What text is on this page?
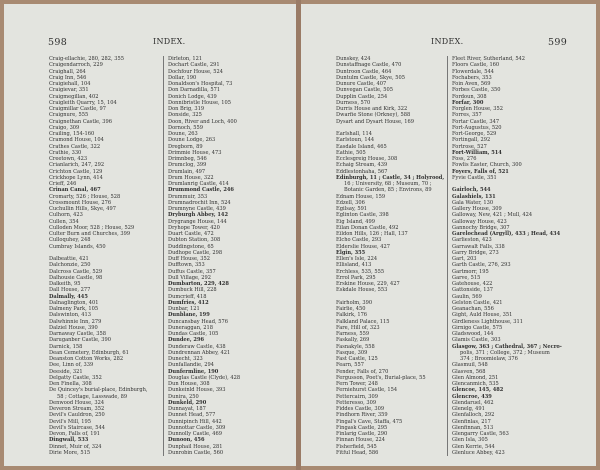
598	INDEX.
Craig-ellachie, 280, 282, 355
Craigendarroch, 229
Craighall, 264
Craig Inn, 546
Craigiehall, 104
Craigievar, 351
Craigmegillan, 402
Craigleith Quarry, 15, 104
Craigmillar Castle, 97
Craignure, 555
Craignethan Castle, 396
Craigo, 309
Crailing, 154-160
Cramond House, 104
Crathes Castle, 322
Crathie, 330
Creetown, 423
Crianlarich, 247, 292
Crichton Castle, 129
Crickhope Lynn, 414
Crieff, 246
Crinan Canal, 467
Cromarty, 526 ; House, 528
Crossmount House, 276
Cuchullin Hills, Skye, 497
Culhorn, 423
Cullen, 354
Culloden Moor, 528 ; House, 529
Culter Burn and Churches, 399
Culloquhey, 248
Cumbray Islands, 450
Dalbeattie, 421
Dalchonzie, 250
Dalcross Castle, 529
Dalhousie Castle, 98
Dalkeith, 95
Dall House, 277
Dalmally, 445
Dalnaglington, 401
Dalmeny Park, 105
Dalswinton, 413
Dalwhinnie Inn, 279
Dalziel House, 390
Darnaway Castle, 358
Daruganber Castle, 390
Darnick, 158
Dean Cemetery, Edinburgh, 61
Deanston Cotton Works, 282
Dee, Linn of, 339
Deeside, 321
Delgatty Castle, 352
Den Finella, 308
De Quincey's burial-place, Edinburgh,
58 ; Cottage, Lasswade, 89
Denwood House, 324
Deveron Stream, 352
Devil's Cauldron, 250
Devil's Mill, 195
Devil's Staircase, 544
Devon, Falls of, 191
Dingwall, 533
Dinnet, Muir of, 324
Dirie More, 515
Dirleton, 121
Dochart Castle, 291
Dochfour House, 524
Dollar, 190
Donaldson's Hospital, 73
Don Darnadilla, 571
Donich Lodge, 439
Donnibristle House, 105
Don Brig, 319
Donside, 325
Doon, River and Loch, 400
Dornoch, 559
Doune, 263
Doune Lodge, 263
Dregborn, 89
Drimmie House, 473
Drimnbeg, 546
Drumclog, 399
Drumlain, 497
Drum House, 322
Drumlanrig Castle, 414
Drummond Castle, 246
Drummuir, 353
Drumnadrochit Inn, 524
Drumnyne Castle, 439
Dryburgh Abbey, 142
Drygrange House, 144
Dryhope Tower, 420
Duart Castle, 472
Dubton Station, 308
Duddingstone, 65
Dudhope Castle, 298
Duff House, 352
Dufftown, 353
Duffus Castle, 357
Dull Village, 292
Dumbarton, 229, 428
Dumbuck Hill, 228
Dumcrieff, 418
Dumfries, 412
Dunbar, 121
Dunblane, 199
Duncansbay Head, 576
Duneraggan, 218
Dundas Castle, 105
Dundee, 296
Dunderaw Castle, 438
Dundrennan Abbey, 421
Dunecht, 323
Dunfallandie, 294
Dunfermline, 190
Douglas Castle (Clyde), 428
Dun House, 308
Dunkeinld House, 393
Dunira, 250
Dunkeld, 290
Dunnayat, 187
Dunnet Head, 577
Dunnipinch Hill, 442
Dunnottar Castle, 309
Dunnolly Castle, 469
Dunoon, 456
Dunphail House, 281
Dunrobin Castle, 560
INDEX.	599
Dunskey, 424
Dunstaffnage Castle, 470
Duntroon Castle, 464
Duntulm Castle, Skye, 505
Dunure Castle, 407
Dunvegan Castle, 505
Dupplin Castle, 254
Durness, 570
Durris House and Kirk, 322
Dwarfie Stone (Orkney), 588
Dysart and Dysart House, 169
Earlshall, 114
Earlstoun, 144
Easdale Island, 465
Eathie, 505
Ecclesgreig House, 308
Echaig Stream, 439
Eddlestonhaha, 567
Edinburgh, 11 ; Castle, 34 ; Holyrood,
16 ; University, 68 ; Museum, 70 ;
Botanic Garden, 85 ; Environs, 89
Ednam House, 159
Edzell, 306
Egilsay, 591
Eglinton Castle, 398
Eig Island, 499
Eilan Donan Castle, 492
Eildon Hills, 126 ; Hall, 137
Elcho Castle, 293
Elderslie House, 427
Elgin, 355
Ellen's Isle, 224
Ellisland, 413
Erchless, 535, 555
Errol Park, 295
Erskine House, 229, 427
Eskdale House, 553
Fairholm, 390
Fairlie, 450
Falkirk, 176
Falkland Palace, 115
Fare, Hill of, 323
Farness, 559
Faskally, 269
Fasnakyle, 558
Fasque, 309
Fast Castle, 125
Fearn, 557
Fender, Falls of, 270
Fergusson, Poet's, Burial-place, 55
Fern Tower, 248
Ferniehurst Castle, 154
Fettercairn, 309
Fetteresso, 309
Fiddes Castle, 309
Findhorn River, 359
Fingal's Cave, Staffa, 475
Fingask Castle, 295
Finlarig Castle, 290
Finnan House, 224
Fisherfield, 545
Fitful Head, 586
Fleet River, Sutherland, 542
Floors Castle, 160
Flowerdale, 544
Fochabers, 353
Foin Aven, 569
Forbes Castle, 350
Fordoun, 308
Forfar, 300
Forglen House, 352
Forres, 357
Fortar Castle, 347
Fort-Augustus, 520
Fort-George, 529
Fortingall, 292
Fortrose, 527
Fort-William, 514
Foss, 276
Fowlis Easter, Church, 300
Foyers, Falls of, 521
Fyvie Castle, 351
Gairloch, 544
Galashiels, 131
Gala Water, 130
Gallery House, 309
Galloway, New, 421 ; Mull, 424
Galloway House, 423
Gannochy Bridge, 307
Garelochead (Argyll), 433 ; Head, 434
Garlieston, 423
Garrawalt Falls, 338
Garry Bridge, 273
Gart, 203
Garth Castle, 276, 293
Gartmorr, 195
Garve, 515
Gatehouse, 422
Gattonside, 137
Gaulin, 569
Gelston Castle, 421
Geanachan, 556
Gight, Auld House, 351
Girdleness Lighthouse, 311
Girnigo Castle, 575
Gladswood, 144
Glamis Castle, 303
Glasgow, 363 ; Cathedral, 367 ; Necro-
polis, 371 ; College, 372 ; Museum
374 ; Broomielaw, 376
Glasmuil, 548
Glasven, 568
Glen Almond, 251
Glencanmich, 535
Glencoe, 145, 482
Glencroe, 439
Glendaruel, 462
Glenelg, 491
Glenfalloch, 292
Glenfinlas, 217
Glenfinnan, 513
Glengarry Castle, 563
Glen Isla, 305
Glen Kerrie, 544
Glenluce Abbey, 423
